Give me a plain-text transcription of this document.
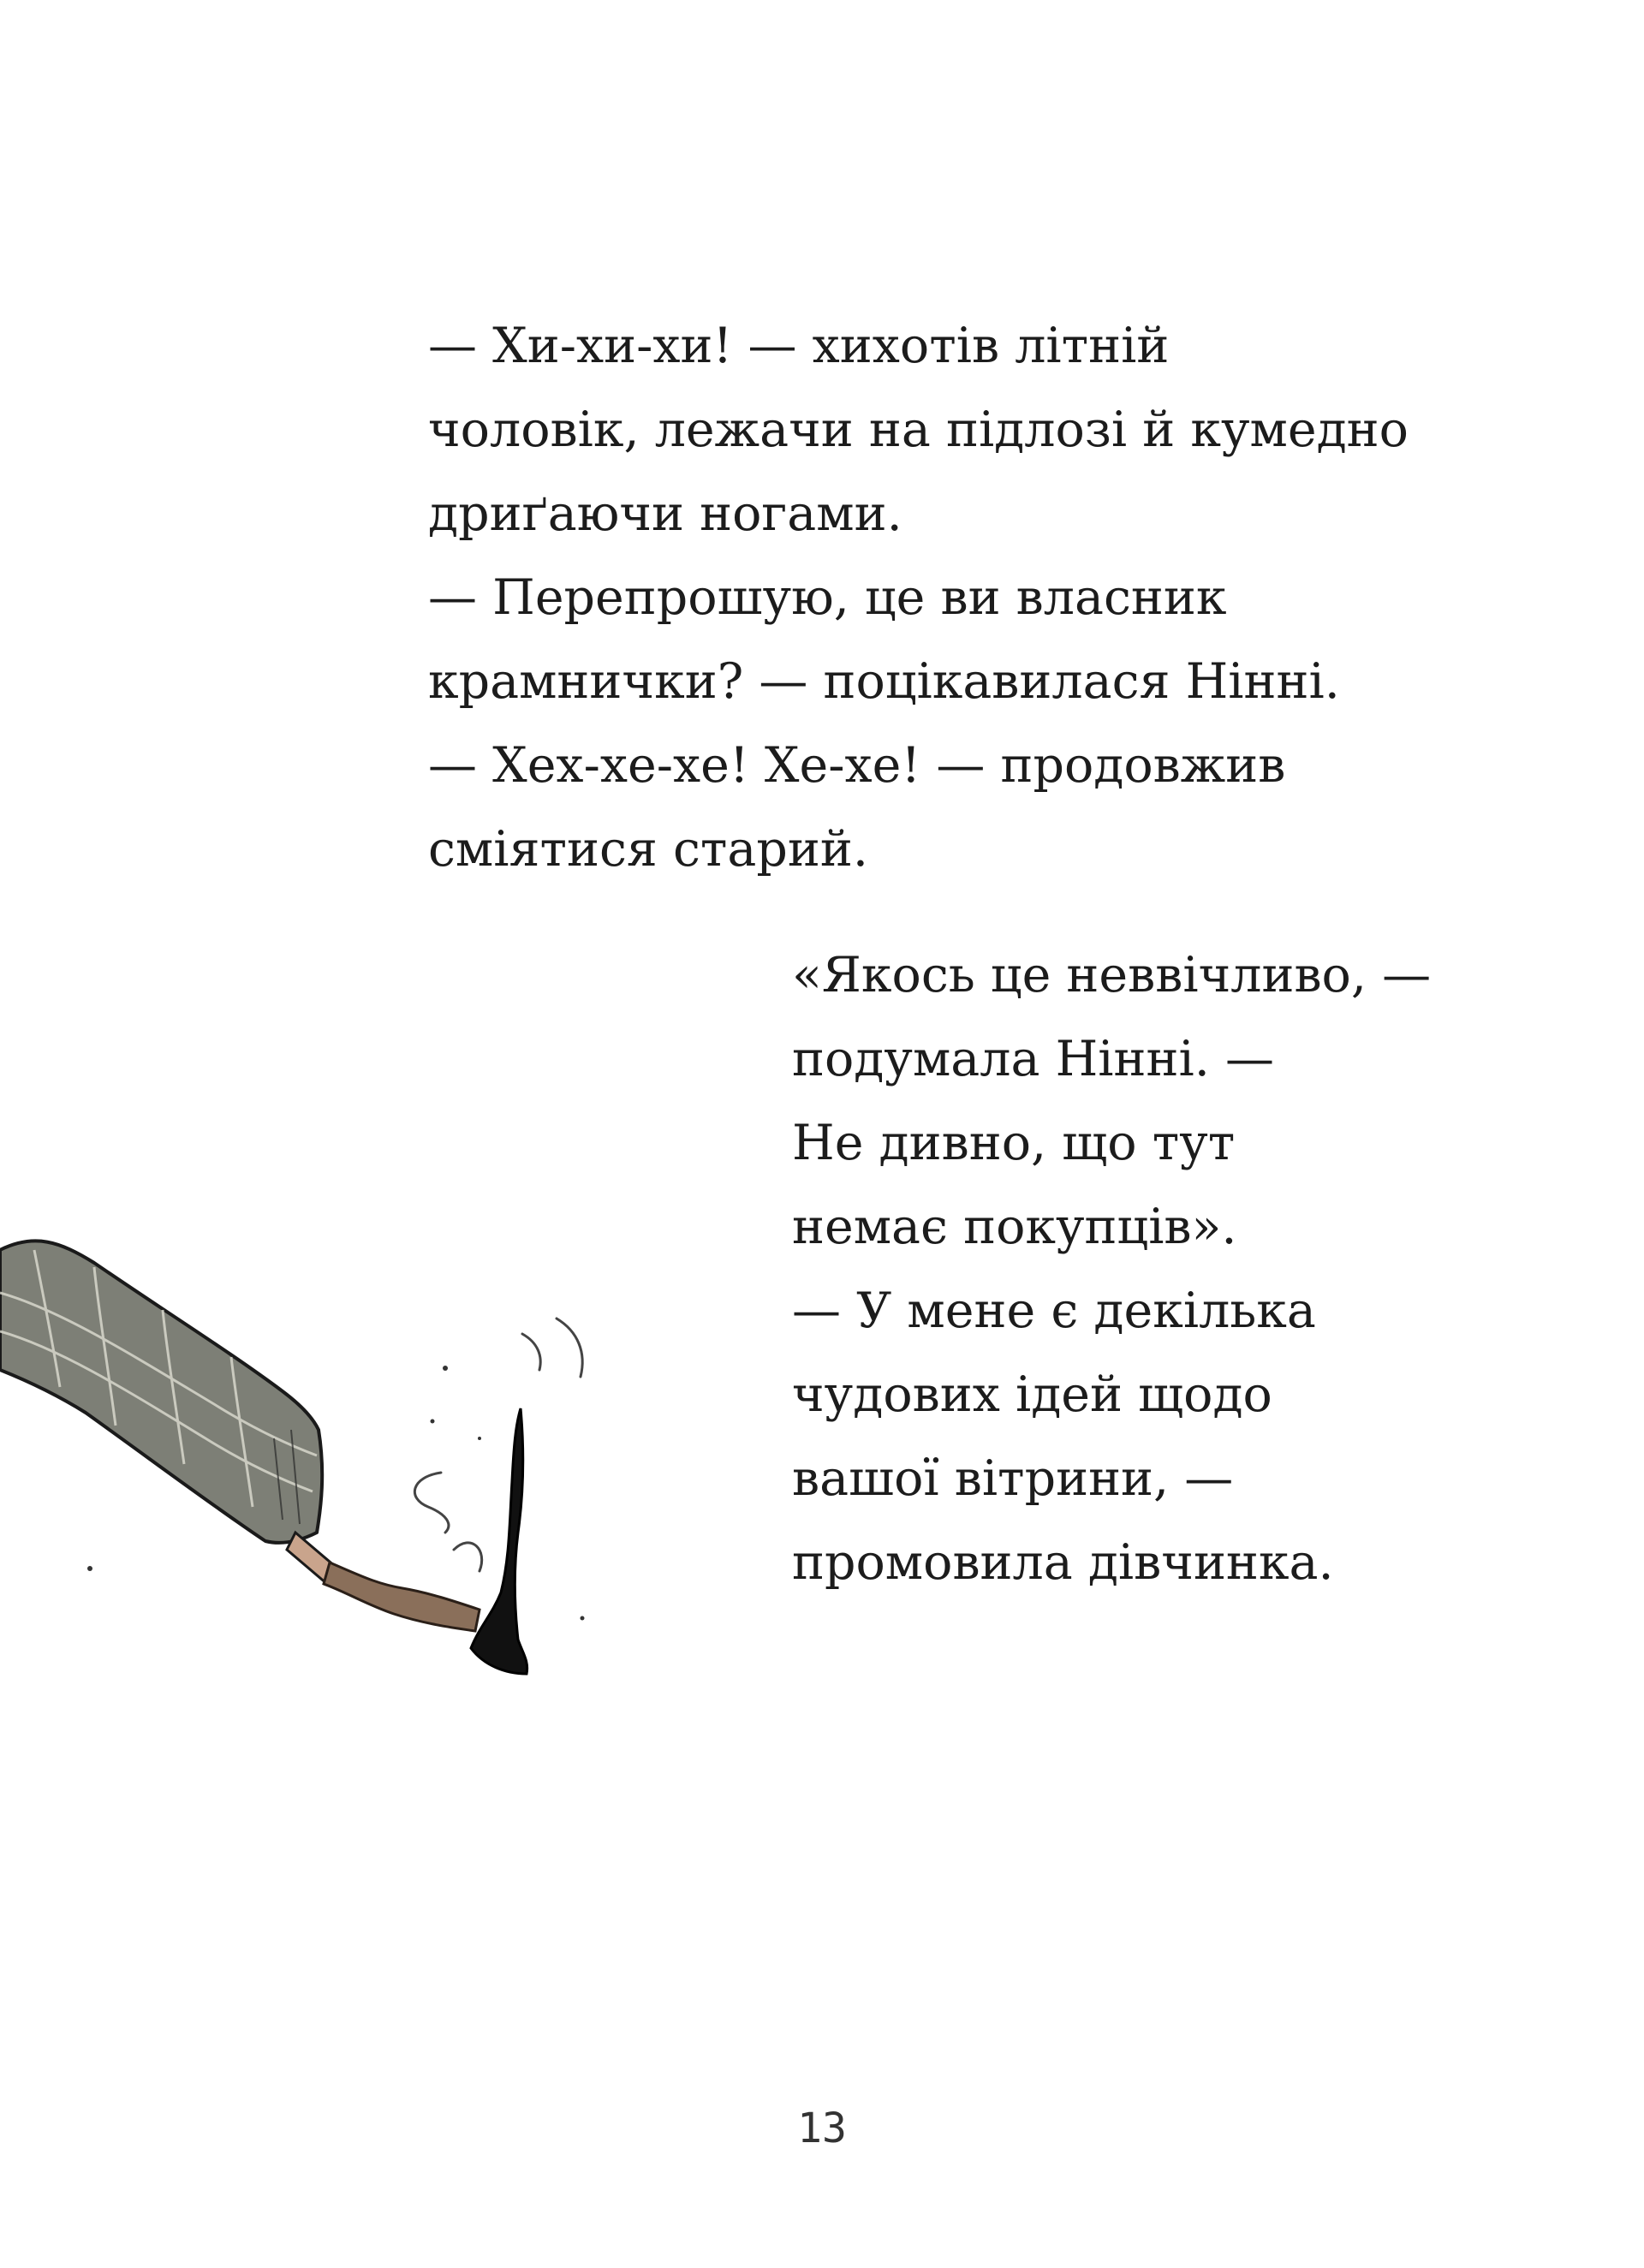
— Хи-хи-хи! — хихотів літній

чоловік, лежачи на підлозі й кумедно

дриґаючи ногами.

— Перепрошую, це ви власник

крамнички? — поцікавилася Нінні.

— Хех-хе-хе! Хе-хе! — продовжив

сміятися старий.

«Якось це неввічливо, —

подумала Нінні. —

Не дивно, що тут

немає покупців».

— У мене є декілька

чудових ідей щодо

вашої вітрини, —

промовила дівчинка.

13
